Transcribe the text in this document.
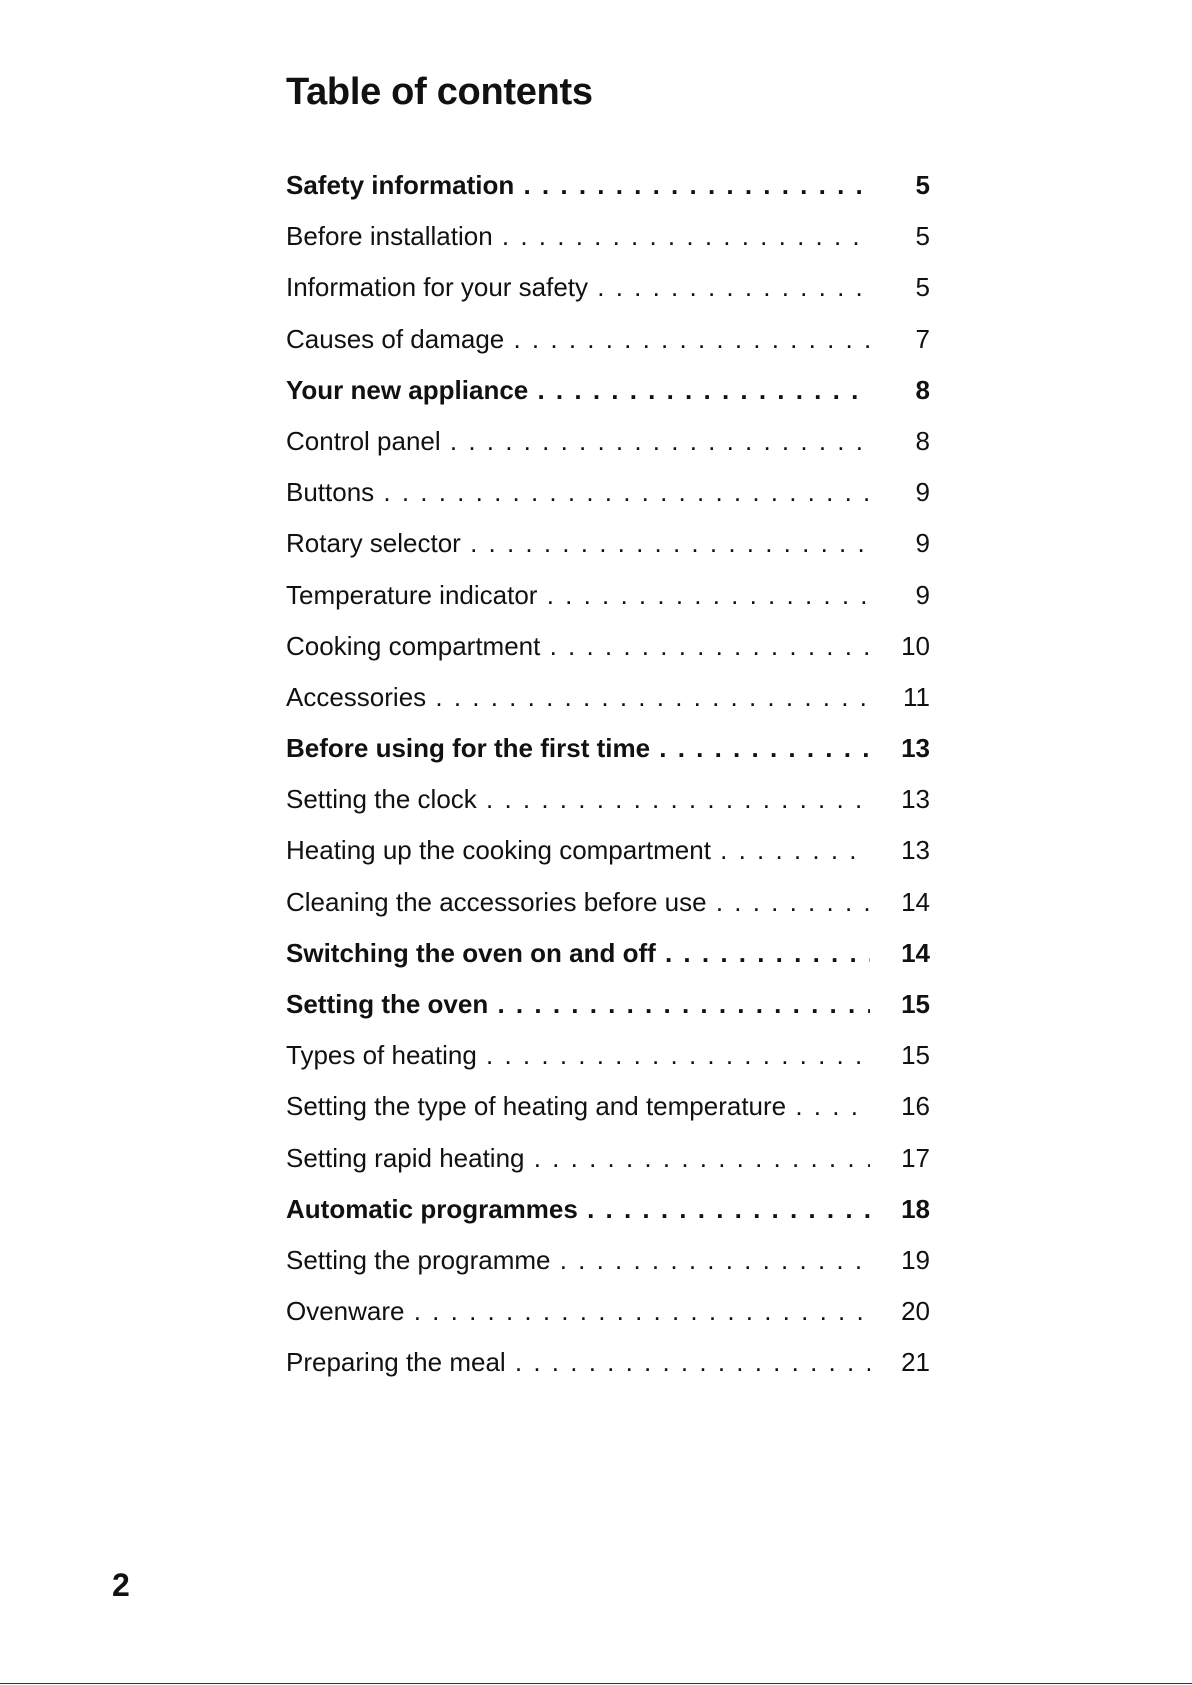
Table of contents
Safety information . . .	5
Before installation . . .	5
Information for your safety . . .	5
Causes of damage . . .	7
Your new appliance . . .	8
Control panel . . .	8
Buttons . . .	9
Rotary selector . . .	9
Temperature indicator . . .	9
Cooking compartment . . .	10
Accessories . . .	11
Before using for the first time . . .	13
Setting the clock . . .	13
Heating up the cooking compartment . . .	13
Cleaning the accessories before use . . .	14
Switching the oven on and off . . .	14
Setting the oven . . .	15
Types of heating . . .	15
Setting the type of heating and temperature . . .	16
Setting rapid heating . . .	17
Automatic programmes . . .	18
Setting the programme . . .	19
Ovenware . . .	20
Preparing the meal . . .	21
2
